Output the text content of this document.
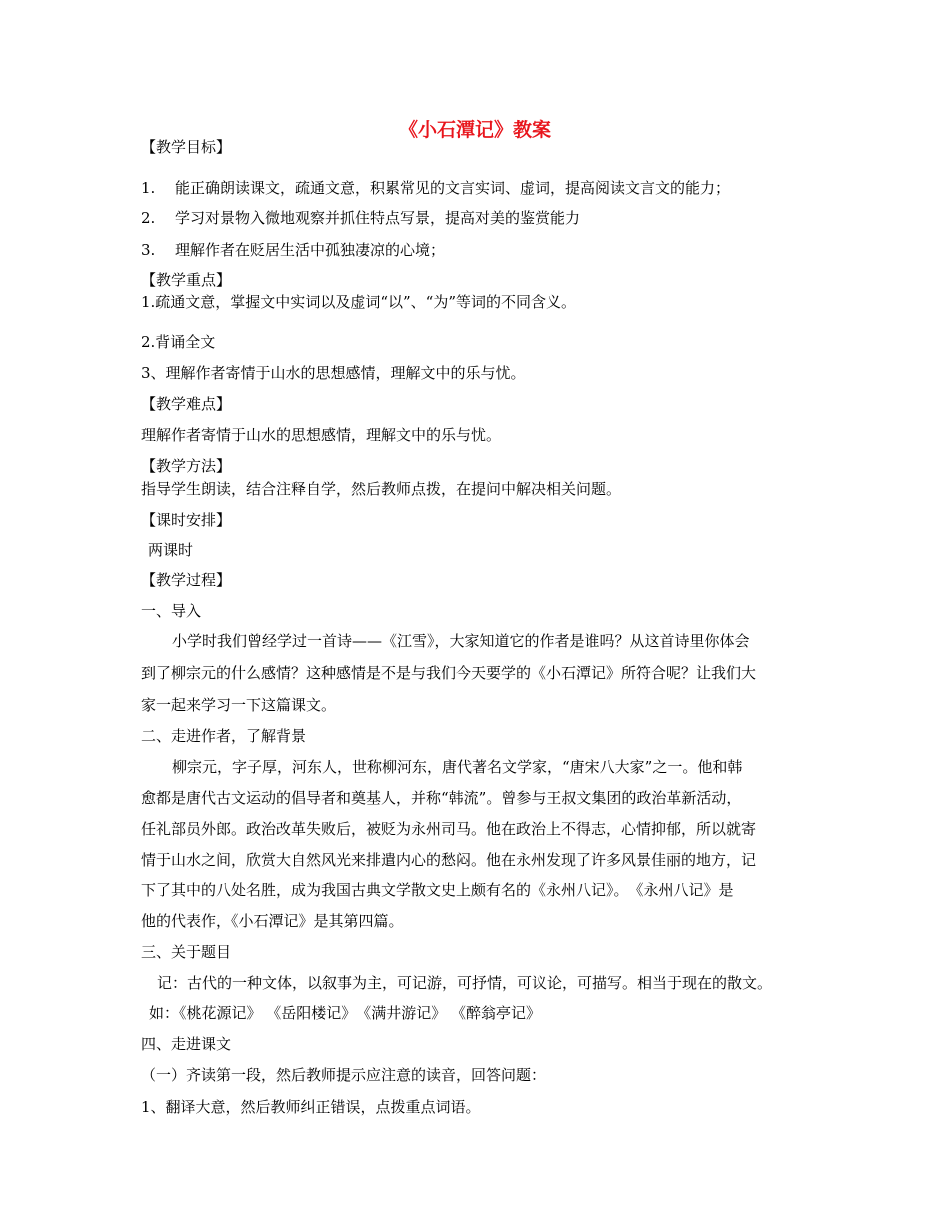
《小石潭记》教案
【教学目标】
1. 能正确朗读课文，疏通文意，积累常见的文言实词、虚词，提高阅读文言文的能力；
2. 学习对景物入微地观察并抓住特点写景，提高对美的鉴赏能力
3. 理解作者在贬居生活中孤独凄凉的心境；
【教学重点】
1.疏通文意，掌握文中实词以及虚词“以”、“为”等词的不同含义。
2.背诵全文
3、理解作者寄情于山水的思想感情，理解文中的乐与忧。
【教学难点】
理解作者寄情于山水的思想感情，理解文中的乐与忧。
【教学方法】
指导学生朗读，结合注释自学，然后教师点拨，在提问中解决相关问题。
【课时安排】
两课时
【教学过程】
一、导入
小学时我们曾经学过一首诗——《江雪》，大家知道它的作者是谁吗？从这首诗里你体会
到了柳宗元的什么感情？这种感情是不是与我们今天要学的《小石潭记》所符合呢？让我们大
家一起来学习一下这篇课文。
二、走进作者，了解背景
柳宗元，字子厚，河东人，世称柳河东，唐代著名文学家，“唐宋八大家”之一。他和韩
愈都是唐代古文运动的倡导者和奠基人，并称“韩流”。曾参与王叔文集团的政治革新活动，
任礼部员外郎。政治改革失败后，被贬为永州司马。他在政治上不得志，心情抑郁，所以就寄
情于山水之间，欣赏大自然风光来排遣内心的愁闷。他在永州发现了许多风景佳丽的地方，记
下了其中的八处名胜，成为我国古典文学散文史上颇有名的《永州八记》。　《永州八记》是
他的代表作，《小石潭记》是其第四篇。
三、关于题目
记：古代的一种文体，以叙事为主，可记游，可抒情，可议论，可描写。相当于现在的散文。
如：《桃花源记》 《岳阳楼记》　《满井游记》 《醉翁亭记》
四、走进课文
（一）齐读第一段，然后教师提示应注意的读音，回答问题：
1、翻译大意，然后教师纠正错误，点拨重点词语。
